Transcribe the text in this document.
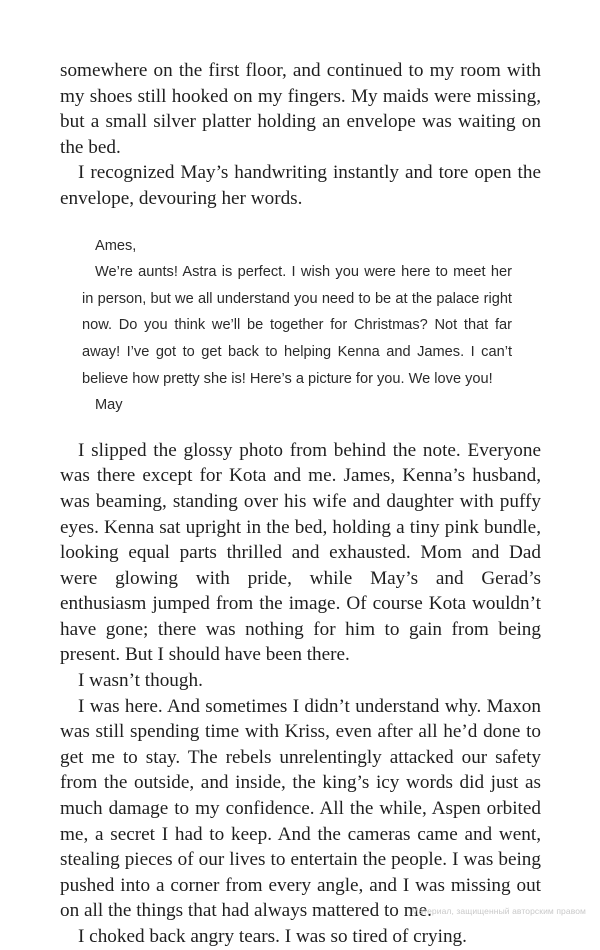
somewhere on the first floor, and continued to my room with my shoes still hooked on my fingers. My maids were missing, but a small silver platter holding an envelope was waiting on the bed.

I recognized May’s handwriting instantly and tore open the envelope, devouring her words.

Ames,

We’re aunts! Astra is perfect. I wish you were here to meet her in person, but we all understand you need to be at the palace right now. Do you think we’ll be together for Christmas? Not that far away! I’ve got to get back to helping Kenna and James. I can’t believe how pretty she is! Here’s a picture for you. We love you!

May

I slipped the glossy photo from behind the note. Everyone was there except for Kota and me. James, Kenna’s husband, was beaming, standing over his wife and daughter with puffy eyes. Kenna sat upright in the bed, holding a tiny pink bundle, looking equal parts thrilled and exhausted. Mom and Dad were glowing with pride, while May’s and Gerad’s enthusiasm jumped from the image. Of course Kota wouldn’t have gone; there was nothing for him to gain from being present. But I should have been there.

I wasn’t though.

I was here. And sometimes I didn’t understand why. Maxon was still spending time with Kriss, even after all he’d done to get me to stay. The rebels unrelentingly attacked our safety from the outside, and inside, the king’s icy words did just as much damage to my confidence. All the while, Aspen orbited me, a secret I had to keep. And the cameras came and went, stealing pieces of our lives to entertain the people. I was being pushed into a corner from every angle, and I was missing out on all the things that had always mattered to me.

I choked back angry tears. I was so tired of crying.

Материал, защищенный авторским правом
